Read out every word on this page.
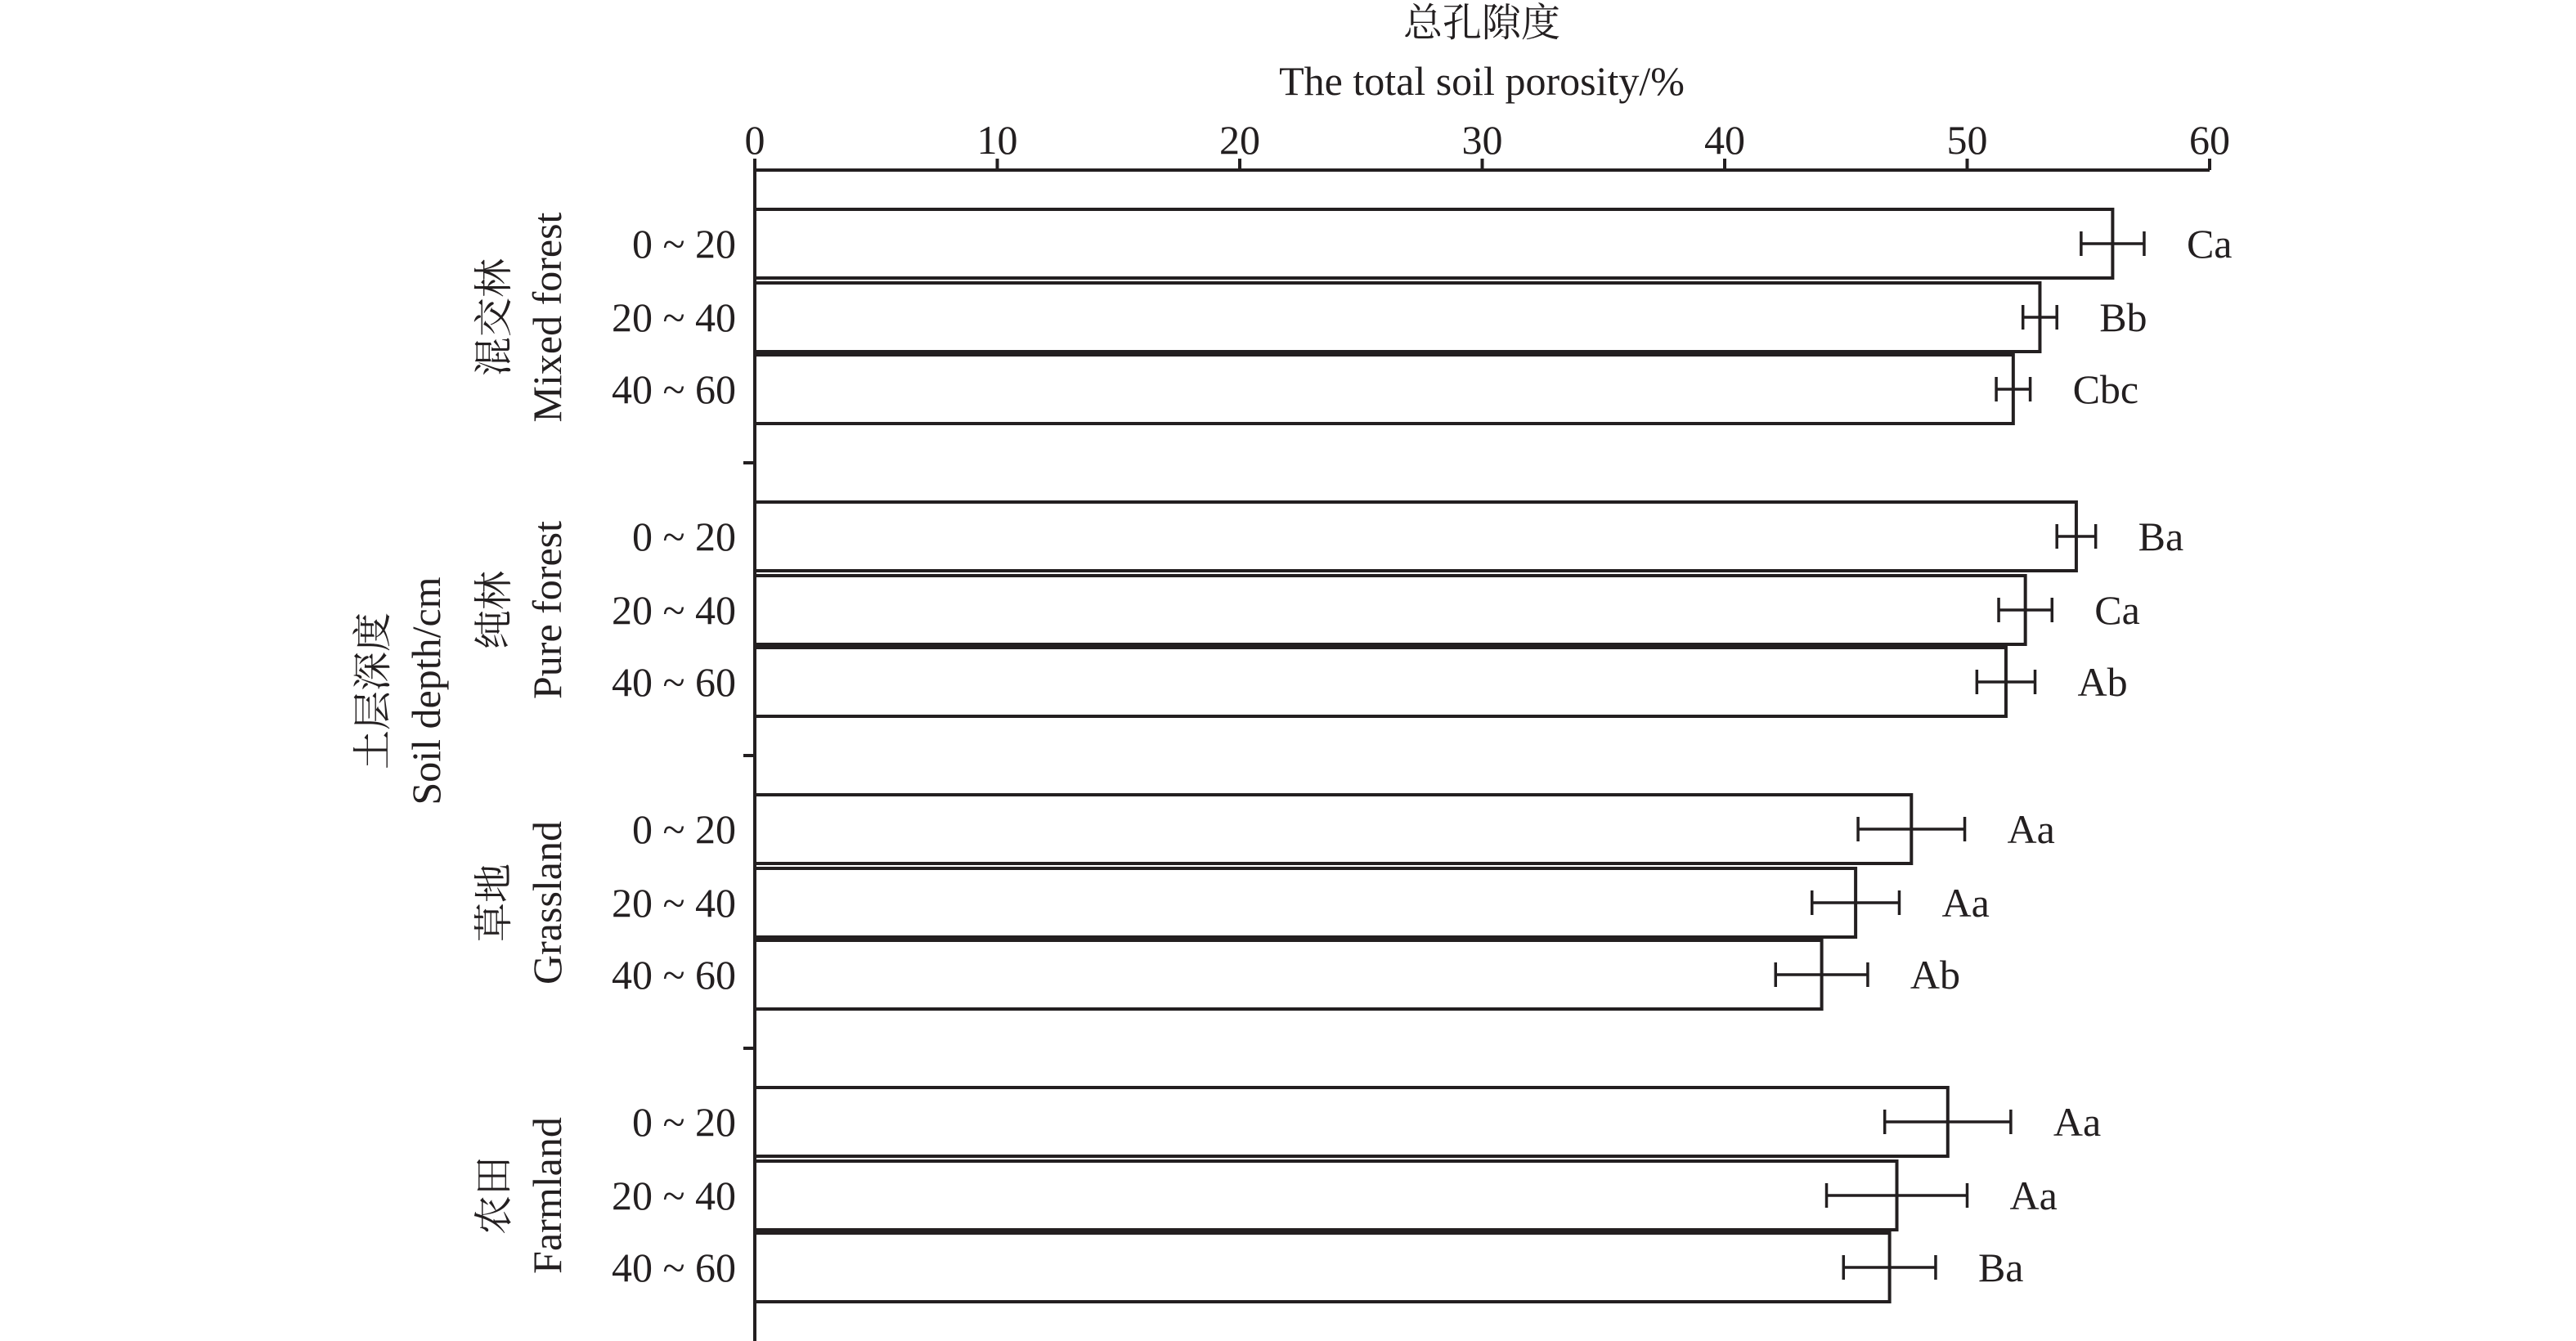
总孔隙度
The total soil porosity/%
土层深度 Soil depth/cm
0	10	20	30	40	50	60
混交林 Mixed forest
纯林 Pure forest
草地 Grassland
农田 Farmland
0 ~ 20	Ca
20 ~ 40	Bb
40 ~ 60	Cbc
0 ~ 20	Ba
20 ~ 40	Ca
40 ~ 60	Ab
0 ~ 20	Aa
20 ~ 40	Aa
40 ~ 60	Ab
0 ~ 20	Aa
20 ~ 40	Aa
40 ~ 60	Ba
